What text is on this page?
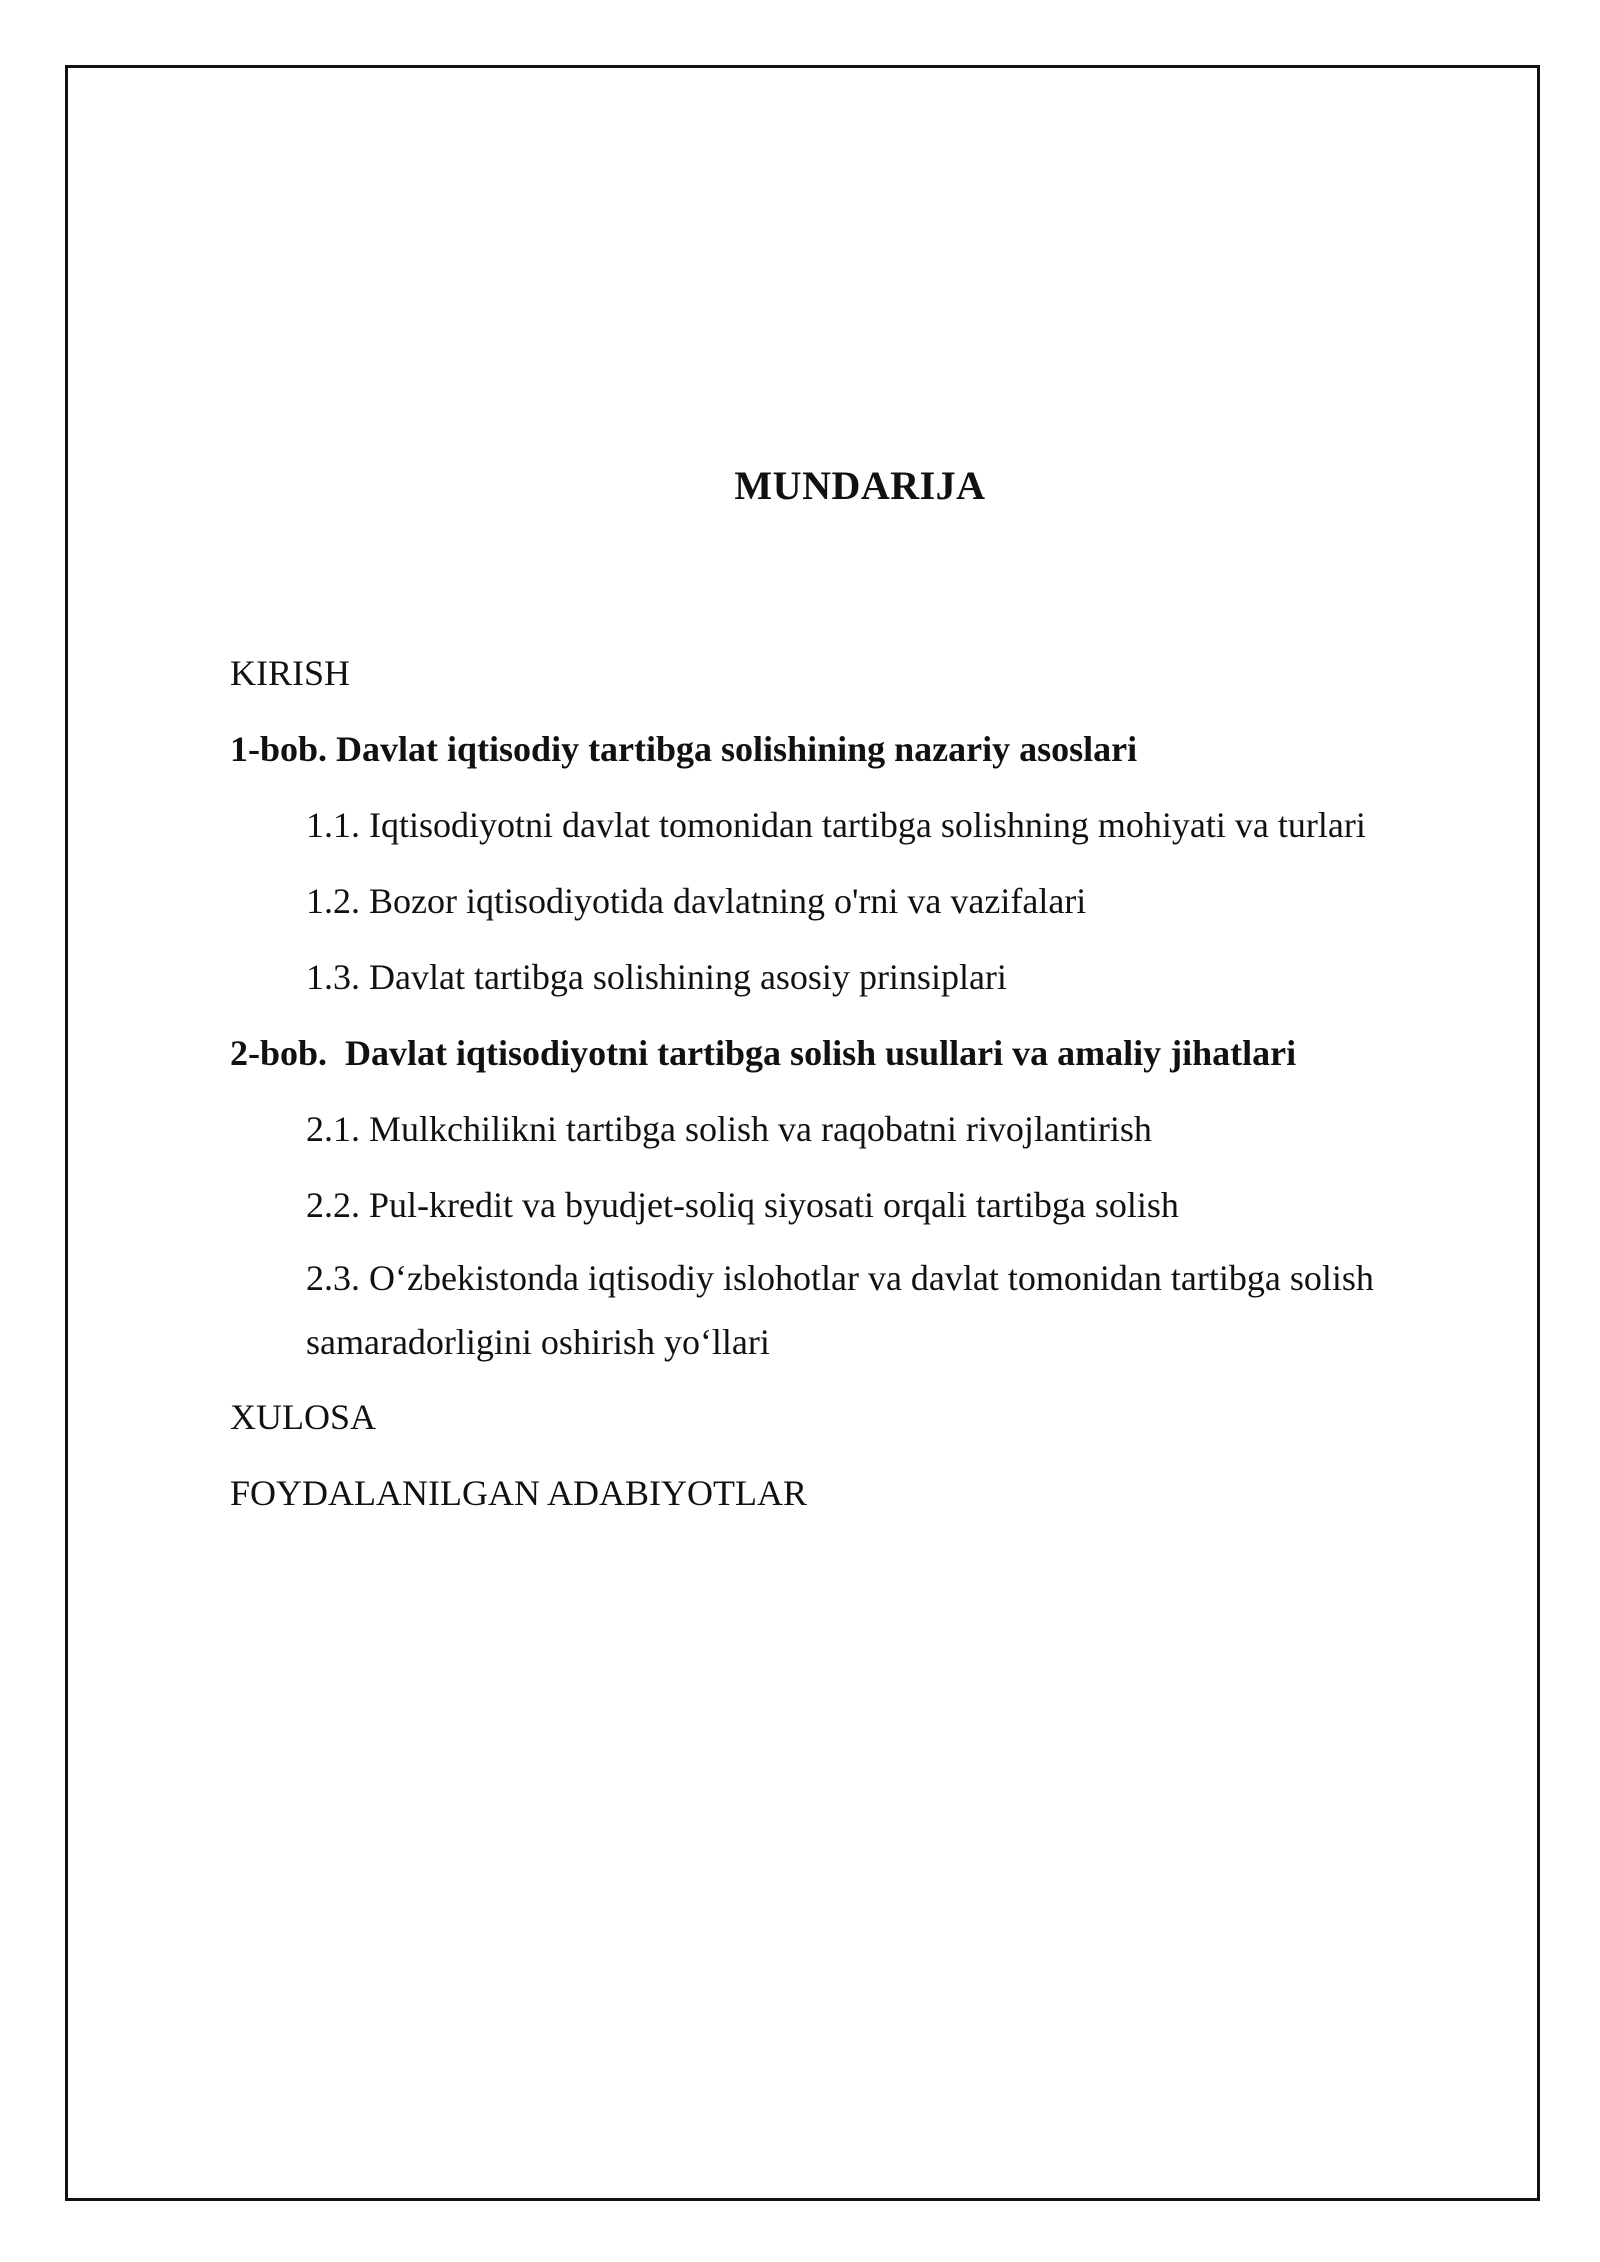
MUNDARIJA

KIRISH

1-bob. Davlat iqtisodiy tartibga solishining nazariy asoslari

1.1. Iqtisodiyotni davlat tomonidan tartibga solishning mohiyati va turlari

1.2. Bozor iqtisodiyotida davlatning o'rni va vazifalari

1.3. Davlat tartibga solishining asosiy prinsiplari

2-bob.  Davlat iqtisodiyotni tartibga solish usullari va amaliy jihatlari

2.1. Mulkchilikni tartibga solish va raqobatni rivojlantirish

2.2. Pul-kredit va byudjet-soliq siyosati orqali tartibga solish

2.3. O‘zbekistonda iqtisodiy islohotlar va davlat tomonidan tartibga solish samaradorligini oshirish yo‘llari

XULOSA

FOYDALANILGAN ADABIYOTLAR
